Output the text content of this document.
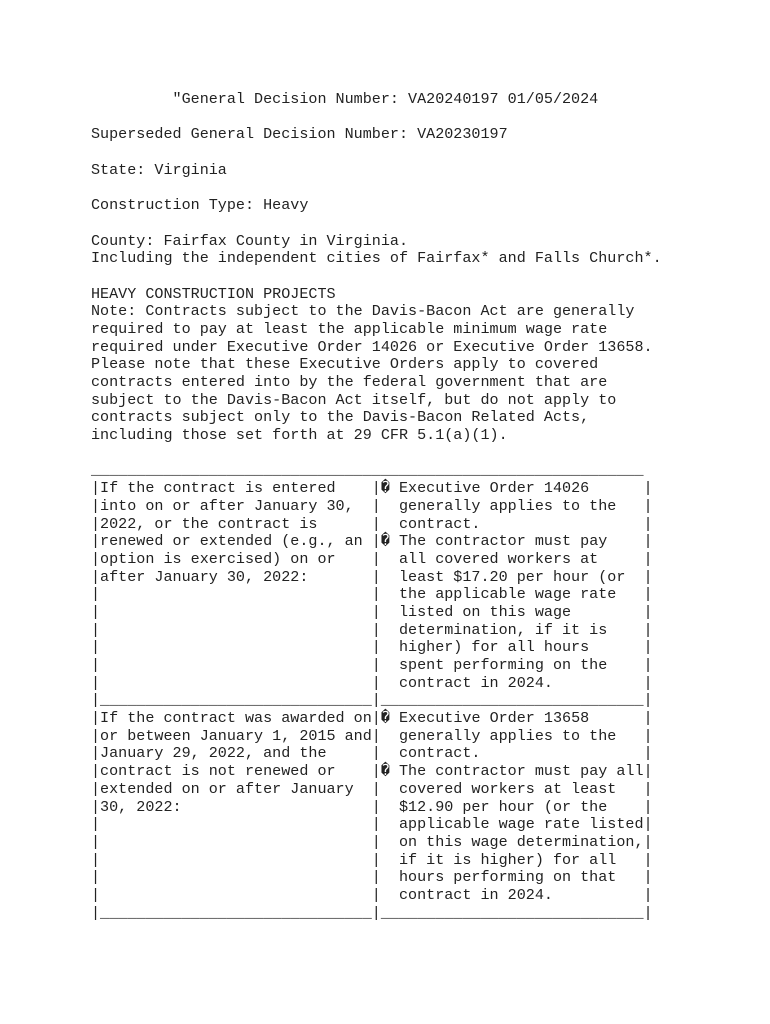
"General Decision Number: VA20240197 01/05/2024
Superseded General Decision Number: VA20230197
State: Virginia
Construction Type: Heavy
County: Fairfax County in Virginia.
Including the independent cities of Fairfax* and Falls Church*.
HEAVY CONSTRUCTION PROJECTS
Note: Contracts subject to the Davis-Bacon Act are generally
required to pay at least the applicable minimum wage rate
required under Executive Order 14026 or Executive Order 13658.
Please note that these Executive Orders apply to covered
contracts entered into by the federal government that are
subject to the Davis-Bacon Act itself, but do not apply to
contracts subject only to the Davis-Bacon Related Acts,
including those set forth at 29 CFR 5.1(a)(1).
_____________________________________________________________
|If the contract is entered    |� Executive Order 14026      |
|into on or after January 30,  |  generally applies to the   |
|2022, or the contract is      |  contract.                  |
|renewed or extended (e.g., an |� The contractor must pay    |
|option is exercised) on or    |  all covered workers at     |
|after January 30, 2022:       |  least $17.20 per hour (or  |
|                              |  the applicable wage rate   |
|                              |  listed on this wage        |
|                              |  determination, if it is    |
|                              |  higher) for all hours      |
|                              |  spent performing on the    |
|                              |  contract in 2024.          |
|______________________________|_____________________________|
|If the contract was awarded on|� Executive Order 13658      |
|or between January 1, 2015 and|  generally applies to the   |
|January 29, 2022, and the     |  contract.                  |
|contract is not renewed or    |� The contractor must pay all|
|extended on or after January  |  covered workers at least   |
|30, 2022:                     |  $12.90 per hour (or the    |
|                              |  applicable wage rate listed|
|                              |  on this wage determination,|
|                              |  if it is higher) for all   |
|                              |  hours performing on that   |
|                              |  contract in 2024.          |
|______________________________|_____________________________|
